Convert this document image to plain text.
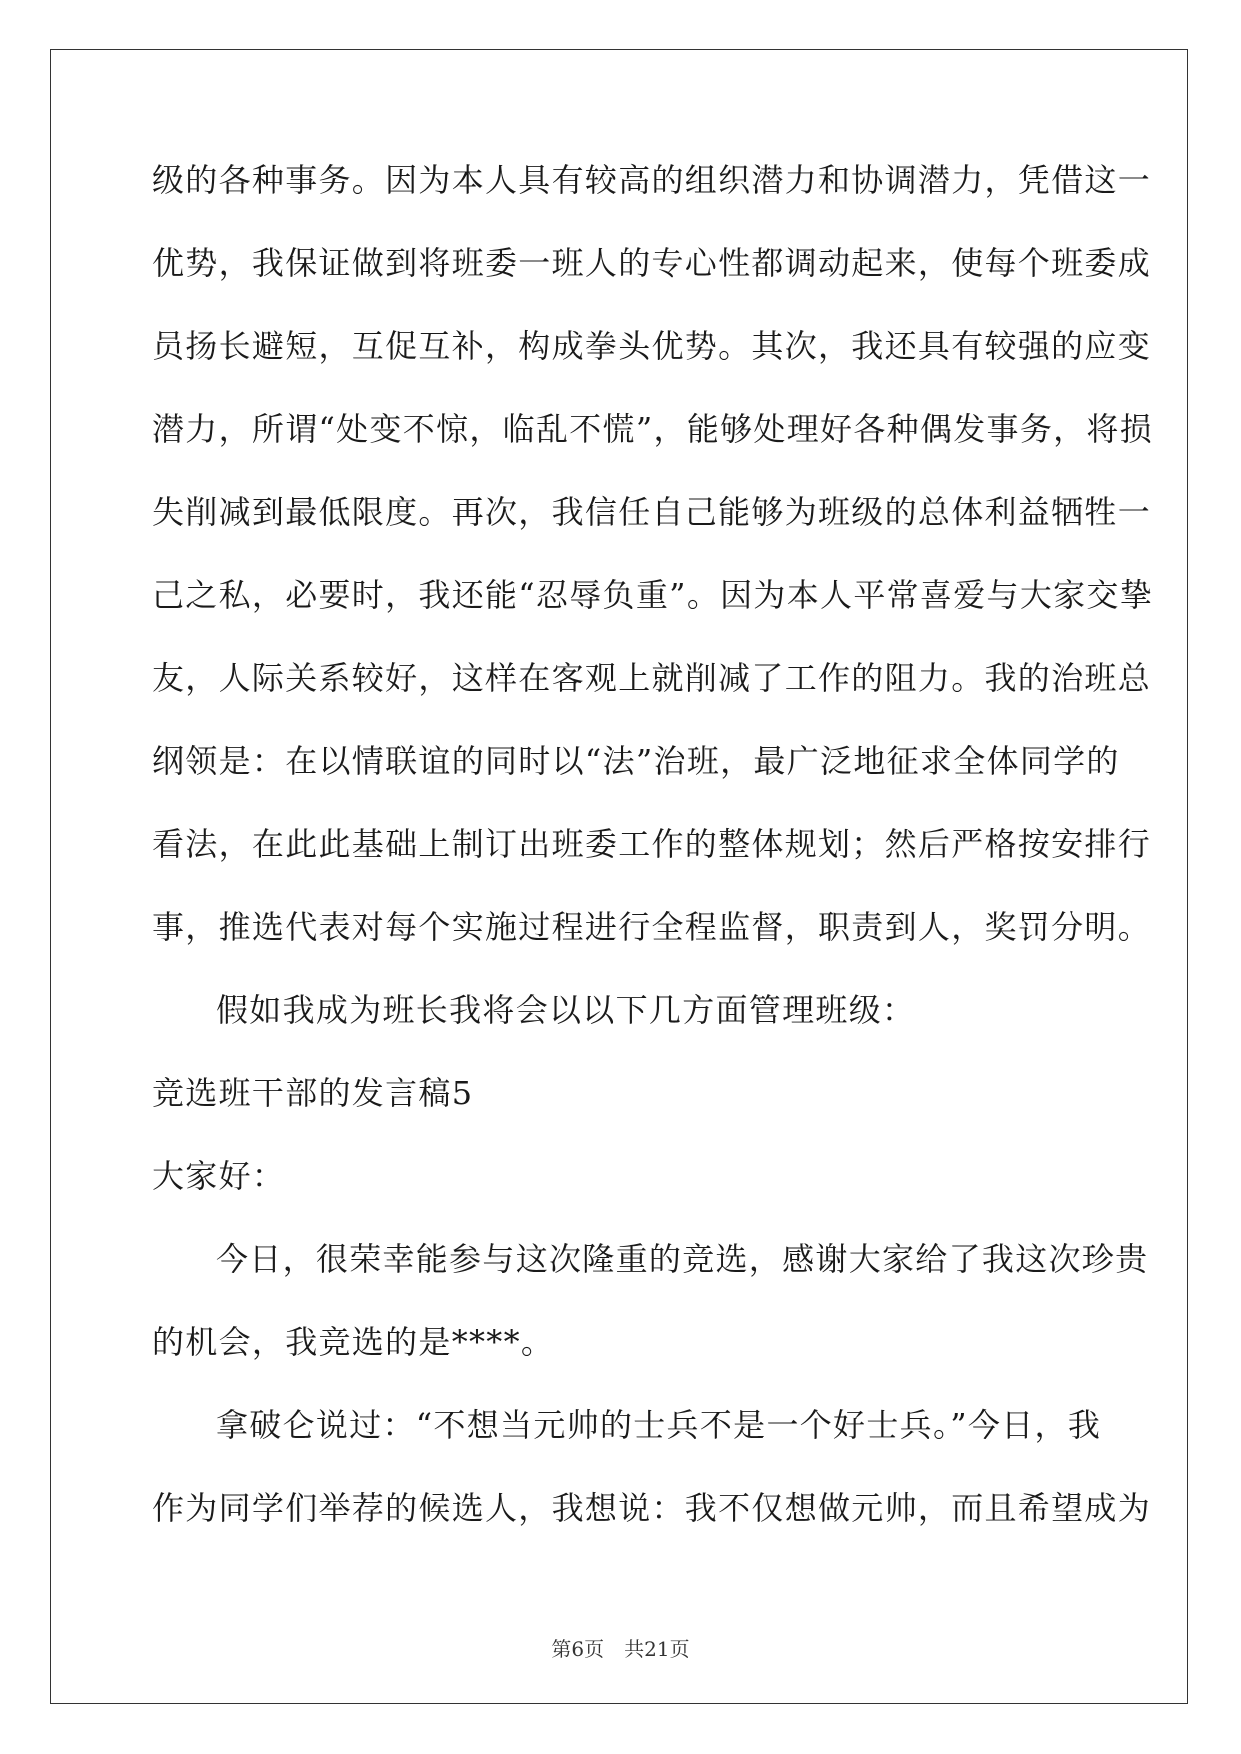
级的各种事务。因为本人具有较高的组织潜力和协调潜力，凭借这一
优势，我保证做到将班委一班人的专心性都调动起来，使每个班委成
员扬长避短，互促互补，构成拳头优势。其次，我还具有较强的应变
潜力，所谓“处变不惊，临乱不慌”，能够处理好各种偶发事务，将损
失削减到最低限度。再次，我信任自己能够为班级的总体利益牺牲一
己之私，必要时，我还能“忍辱负重”。因为本人平常喜爱与大家交挚
友，人际关系较好，这样在客观上就削减了工作的阻力。我的治班总
纲领是：在以情联谊的同时以“法”治班，最广泛地征求全体同学的
看法，在此此基础上制订出班委工作的整体规划；然后严格按安排行
事，推选代表对每个实施过程进行全程监督，职责到人，奖罚分明。
假如我成为班长我将会以以下几方面管理班级：
竞选班干部的发言稿5
大家好：
今日，很荣幸能参与这次隆重的竞选，感谢大家给了我这次珍贵
的机会，我竞选的是****。
拿破仑说过：“不想当元帅的士兵不是一个好士兵。”今日，我
作为同学们举荐的候选人，我想说：我不仅想做元帅，而且希望成为
第6页 共21页
